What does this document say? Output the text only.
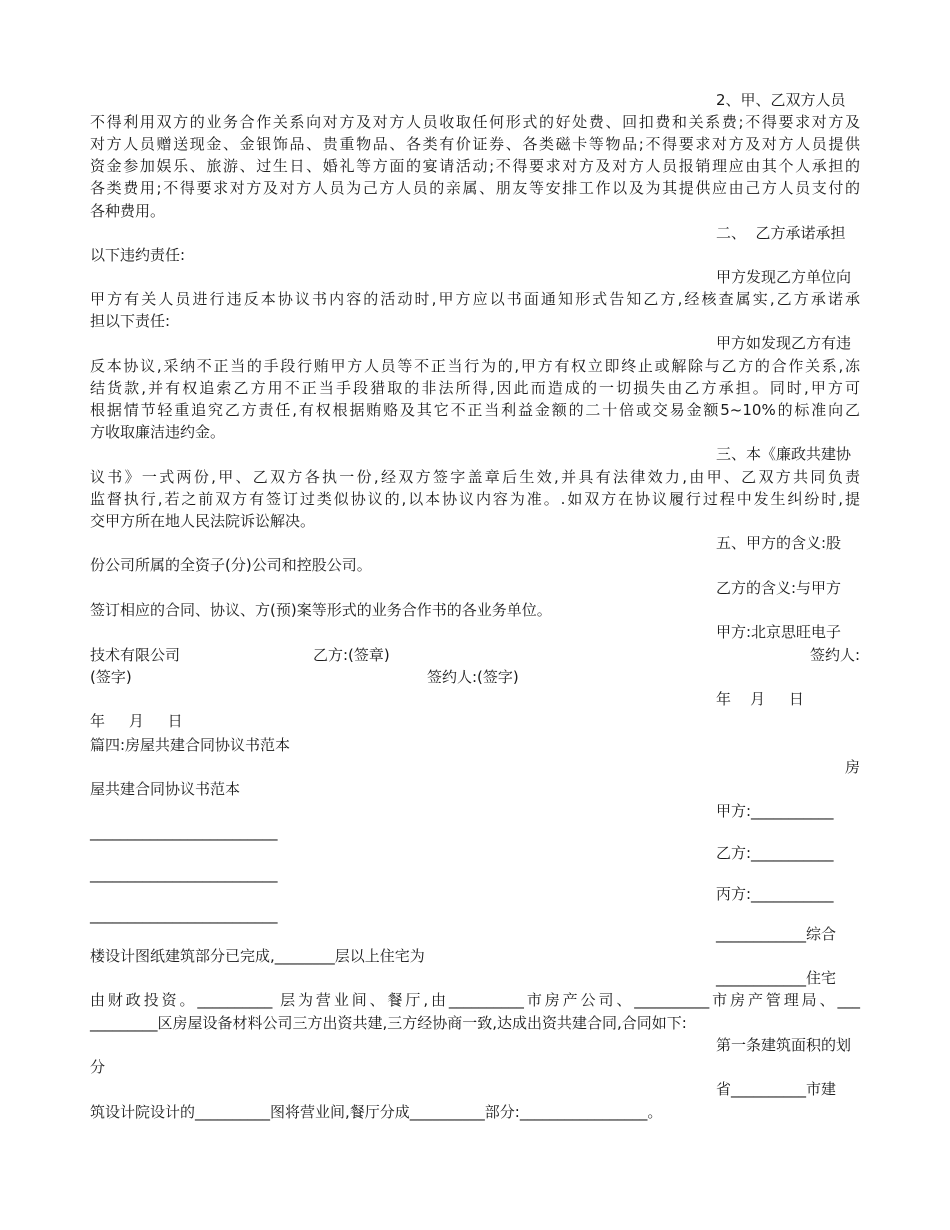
2、甲、乙双方人员

不得利用双方的业务合作关系向对方及对方人员收取任何形式的好处费、回扣费和关系费;不得要求对方及

对方人员赠送现金、金银饰品、贵重物品、各类有价证券、各类磁卡等物品;不得要求对方及对方人员提供

资金参加娱乐、旅游、过生日、婚礼等方面的宴请活动;不得要求对方及对方人员报销理应由其个人承担的

各类费用;不得要求对方及对方人员为己方人员的亲属、朋友等安排工作以及为其提供应由己方人员支付的

各种费用。

二、  乙方承诺承担

以下违约责任:

甲方发现乙方单位向

甲方有关人员进行违反本协议书内容的活动时,甲方应以书面通知形式告知乙方,经核查属实,乙方承诺承

担以下责任:

甲方如发现乙方有违

反本协议,采纳不正当的手段行贿甲方人员等不正当行为的,甲方有权立即终止或解除与乙方的合作关系,冻

结货款,并有权追索乙方用不正当手段猎取的非法所得,因此而造成的一切损失由乙方承担。同时,甲方可

根据情节轻重追究乙方责任,有权根据贿赂及其它不正当利益金额的二十倍或交易金额5~10%的标准向乙

方收取廉洁违约金。

三、本《廉政共建协

议书》一式两份,甲、乙双方各执一份,经双方签字盖章后生效,并具有法律效力,由甲、乙双方共同负责

监督执行,若之前双方有签订过类似协议的,以本协议内容为准。.如双方在协议履行过程中发生纠纷时,提

交甲方所在地人民法院诉讼解决。

五、甲方的含义:股

份公司所属的全资子(分)公司和控股公司。

乙方的含义:与甲方

签订相应的合同、协议、方(预)案等形式的业务合作书的各业务单位。

甲方:北京思旺电子

技术有限公司	乙方:(签章)	签约人:

(签字)	签约人:(签字)

年    月     日

年     月     日

篇四:房屋共建合同协议书范本

房

屋共建合同协议书范本

甲方:___________

_________________________

乙方:___________

_________________________

丙方:___________

_________________________

____________综合

楼设计图纸建筑部分已完成,________层以上住宅为

____________住宅

由财政投资。__________ 层为营业间、餐厅,由__________市房产公司、__________市房产管理局、___

_________区房屋设备材料公司三方出资共建,三方经协商一致,达成出资共建合同,合同如下:

第一条建筑面积的划

分

省__________市建

筑设计院设计的__________图将营业间,餐厅分成__________部分:_________________。
